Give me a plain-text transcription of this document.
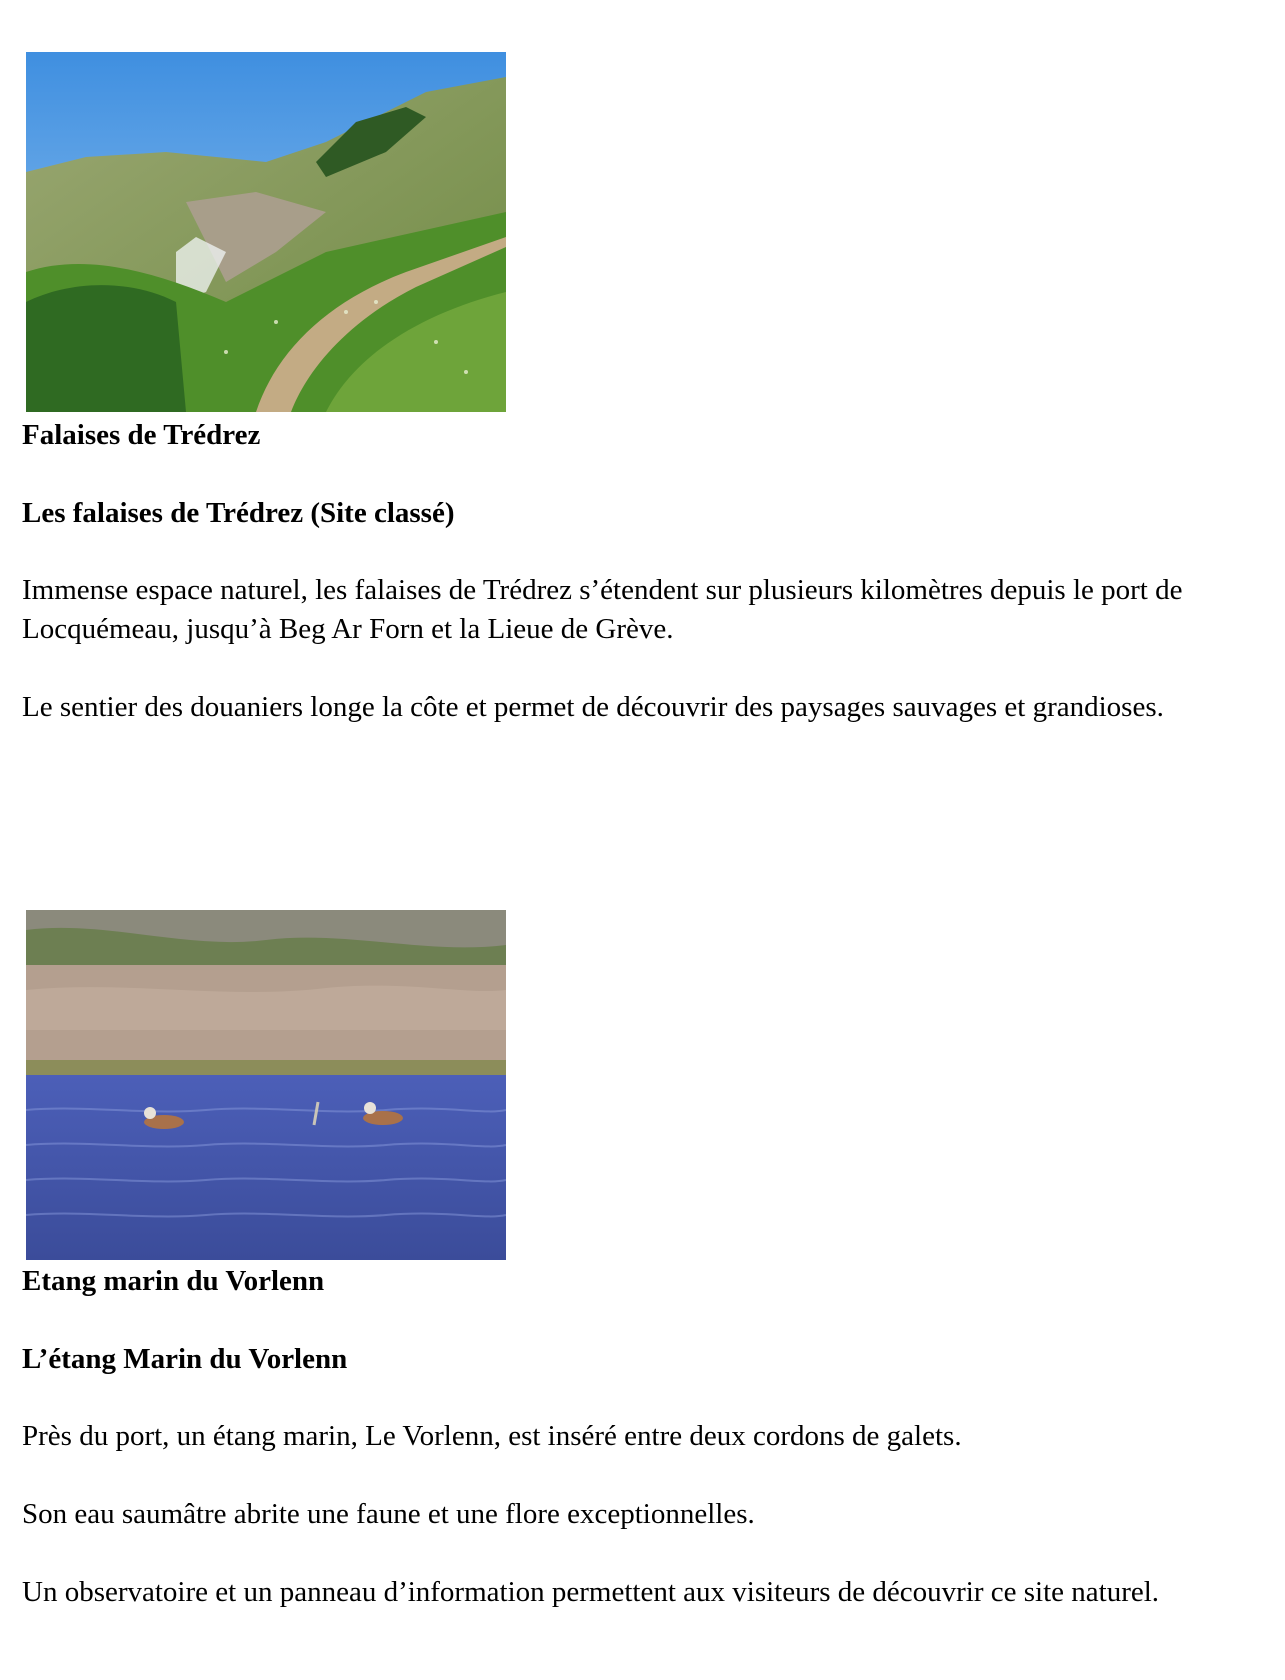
Falaises de Trédrez
Les falaises de Trédrez (Site classé)

Immense espace naturel, les falaises de Trédrez s’étendent sur plusieurs kilomètres depuis le port de Locquémeau, jusqu’à Beg Ar Forn et la Lieue de Grève.

Le sentier des douaniers longe la côte et permet de découvrir des paysages sauvages et grandioses.

Etang marin du Vorlenn
L’étang Marin du Vorlenn

Près du port, un étang marin, Le Vorlenn, est inséré entre deux cordons de galets.

Son eau saumâtre abrite une faune et une flore exceptionnelles.

Un observatoire et un panneau d’information permettent aux visiteurs de découvrir ce site naturel.
